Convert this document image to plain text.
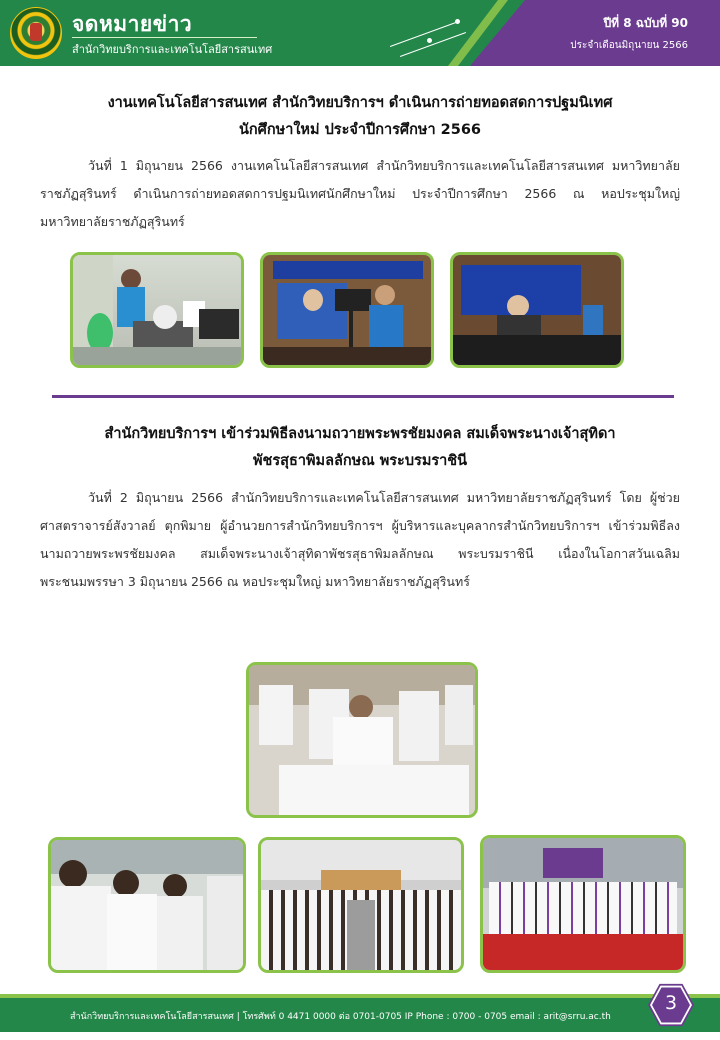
จดหมายข่าว
สำนักวิทยบริการและเทคโนโลยีสารสนเทศ
ปีที่ 8 ฉบับที่ 90
ประจำเดือนมิถุนายน 2566
งานเทคโนโลยีสารสนเทศ สำนักวิทยบริการฯ ดำเนินการถ่ายทอดสดการปฐมนิเทศ
นักศึกษาใหม่ ประจำปีการศึกษา 2566
วันที่ 1 มิถุนายน 2566 งานเทคโนโลยีสารสนเทศ สำนักวิทยบริการและเทคโนโลยีสารสนเทศ มหาวิทยาลัยราชภัฏสุรินทร์ ดำเนินการถ่ายทอดสดการปฐมนิเทศนักศึกษาใหม่ ประจำปีการศึกษา 2566 ณ หอประชุมใหญ่ มหาวิทยาลัยราชภัฏสุรินทร์
สำนักวิทยบริการฯ เข้าร่วมพิธีลงนามถวายพระพรชัยมงคล สมเด็จพระนางเจ้าสุทิดา
พัชรสุธาพิมลลักษณ พระบรมราชินี
วันที่ 2 มิถุนายน 2566 สำนักวิทยบริการและเทคโนโลยีสารสนเทศ มหาวิทยาลัยราชภัฏสุรินทร์ โดย ผู้ช่วยศาสตราจารย์สังวาลย์ ตุกพิมาย ผู้อำนวยการสำนักวิทยบริการฯ ผู้บริหารและบุคลากรสำนักวิทยบริการฯ เข้าร่วมพิธีลงนามถวายพระพรชัยมงคล สมเด็จพระนางเจ้าสุทิดาพัชรสุธาพิมลลักษณ พระบรมราชินี เนื่องในโอกาสวันเฉลิมพระชนมพรรษา 3 มิถุนายน 2566 ณ หอประชุมใหญ่ มหาวิทยาลัยราชภัฏสุรินทร์
สำนักวิทยบริการและเทคโนโลยีสารสนเทศ | โทรศัพท์ 0 4471 0000 ต่อ 0701-0705 IP Phone : 0700 - 0705 email : arit@srru.ac.th
3
